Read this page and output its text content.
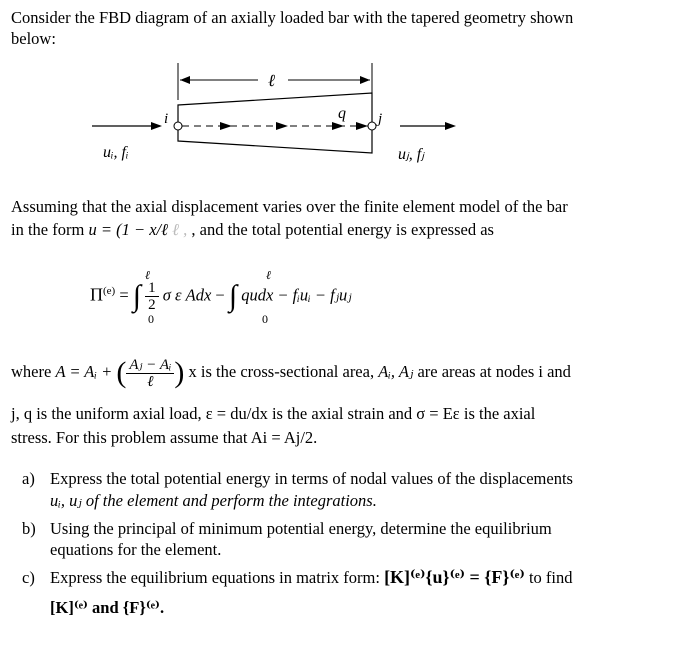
Consider the FBD diagram of an axially loaded bar with the tapered geometry shown
below:
ℓ
q
i	j
uᵢ, fᵢ	uⱼ, fⱼ
Assuming that the axial displacement varies over the finite element model of the bar
in the form u = (1 − x/ℓ ℓ , , and the total potential energy is expressed as
$\Pi^{(e)}$ = ∫ $\frac{1}{2}$ σ ε Adx − ∫ qudx − fᵢuᵢ − fⱼuⱼ
ℓ
0
ℓ
0
where A = Aᵢ + ( $\frac{\text{Aⱼ − Aᵢ}}{\text{ℓ}}$ ) x is the cross-sectional area, Aᵢ, Aⱼ are areas at nodes i and
j, q is the uniform axial load, ε = du/dx is the axial strain and σ = Eε is the axial
stress. For this problem assume that Ai = Aj/2.
a) Express the total potential energy in terms of nodal values of the displacements
uᵢ, uⱼ of the element and perform the integrations.
b) Using the principal of minimum potential energy, determine the equilibrium
equations for the element.
c) Express the equilibrium equations in matrix form: [K]⁽ᵉ⁾{u}⁽ᵉ⁾ = {F}⁽ᵉ⁾ to find
[K]⁽ᵉ⁾ and {F}⁽ᵉ⁾.
